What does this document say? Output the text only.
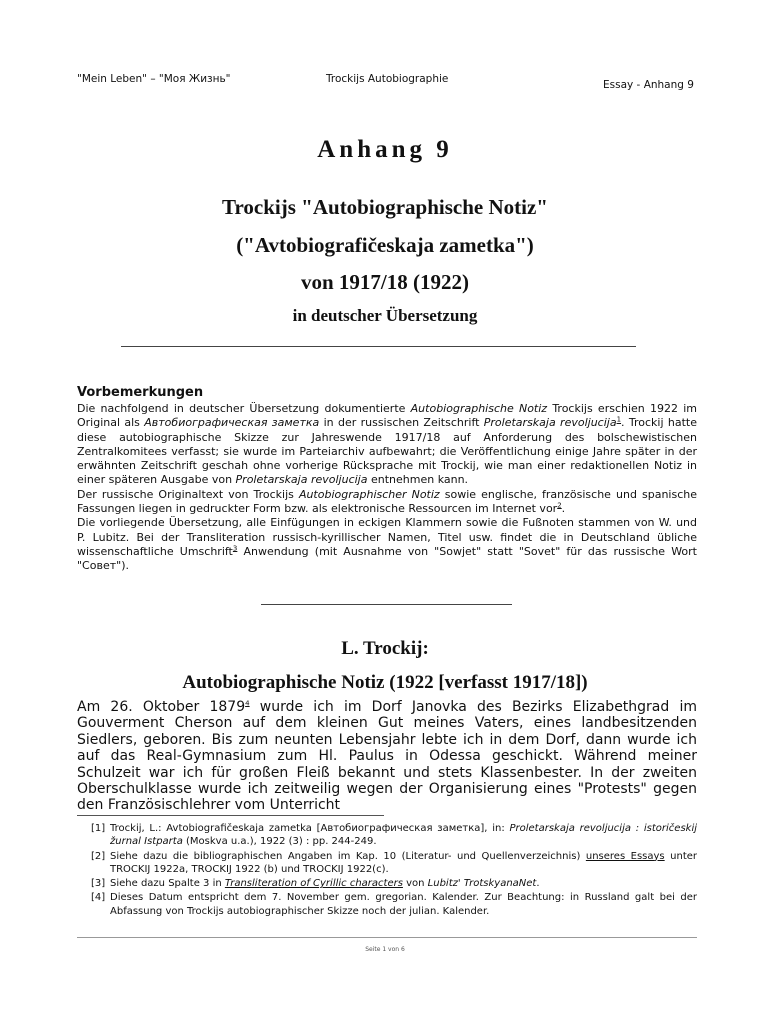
"Mein Leben" – "Моя Жизнь"	Trockijs Autobiographie	Essay - Anhang 9
Anhang 9
Trockijs "Autobiographische Notiz"
("Avtobiografičeskaja zametka")
von 1917/18 (1922)
in deutscher Übersetzung
Vorbemerkungen

Die nachfolgend in deutscher Übersetzung dokumentierte Autobiographische Notiz Trockijs erschien 1922 im Original als Автобиографическая заметка in der russischen Zeitschrift Proletarskaja revoljucija$^1$. Trockij hatte diese autobiographische Skizze zur Jahreswende 1917/18 auf Anforderung des bolschewistischen Zentralkomitees verfasst; sie wurde im Parteiarchiv aufbewahrt; die Veröffentlichung einige Jahre später in der erwähnten Zeitschrift geschah ohne vorherige Rücksprache mit Trockij, wie man einer redaktionellen Notiz in einer späteren Ausgabe von Proletarskaja revoljucija entnehmen kann.

Der russische Originaltext von Trockijs Autobiographischer Notiz sowie englische, französische und spanische Fassungen liegen in gedruckter Form bzw. als elektronische Ressourcen im Internet vor$^2$.

Die vorliegende Übersetzung, alle Einfügungen in eckigen Klammern sowie die Fußnoten stammen von W. und P. Lubitz. Bei der Transliteration russisch-kyrillischer Namen, Titel usw. findet die in Deutschland übliche wissenschaftliche Umschrift$^3$ Anwendung (mit Ausnahme von "Sowjet" statt "Sovet" für das russische Wort "Совет").

L. Trockij:
Autobiographische Notiz (1922 [verfasst 1917/18])

Am 26. Oktober 1879$^4$ wurde ich im Dorf Janovka des Bezirks Elizabethgrad im Gouverment Cherson auf dem kleinen Gut meines Vaters, eines landbesitzenden Siedlers, geboren. Bis zum neunten Lebensjahr lebte ich in dem Dorf, dann wurde ich auf das Real-Gymnasium zum Hl. Paulus in Odessa geschickt. Während meiner Schulzeit war ich für großen Fleiß bekannt und stets Klassenbester. In der zweiten Oberschulklasse wurde ich zeitweilig wegen der Organisierung eines "Protests" gegen den Französischlehrer vom Unterricht

[1] Trockij, L.: Avtobiografičeskaja zametka [Автобиографическая заметка], in: Proletarskaja revoljucija : istoričeskij žurnal Istparta (Moskva u.a.), 1922 (3) : pp. 244-249.
[2] Siehe dazu die bibliographischen Angaben im Kap. 10 (Literatur- und Quellenverzeichnis) unseres Essays unter TROCKIJ 1922a, TROCKIJ 1922 (b) und TROCKIJ 1922(c).
[3] Siehe dazu Spalte 3 in Transliteration of Cyrillic characters von Lubitz' TrotskyanaNet.
[4] Dieses Datum entspricht dem 7. November gem. gregorian. Kalender. Zur Beachtung: in Russland galt bei der Abfassung von Trockijs autobiographischer Skizze noch der julian. Kalender.
Seite 1 von 6
